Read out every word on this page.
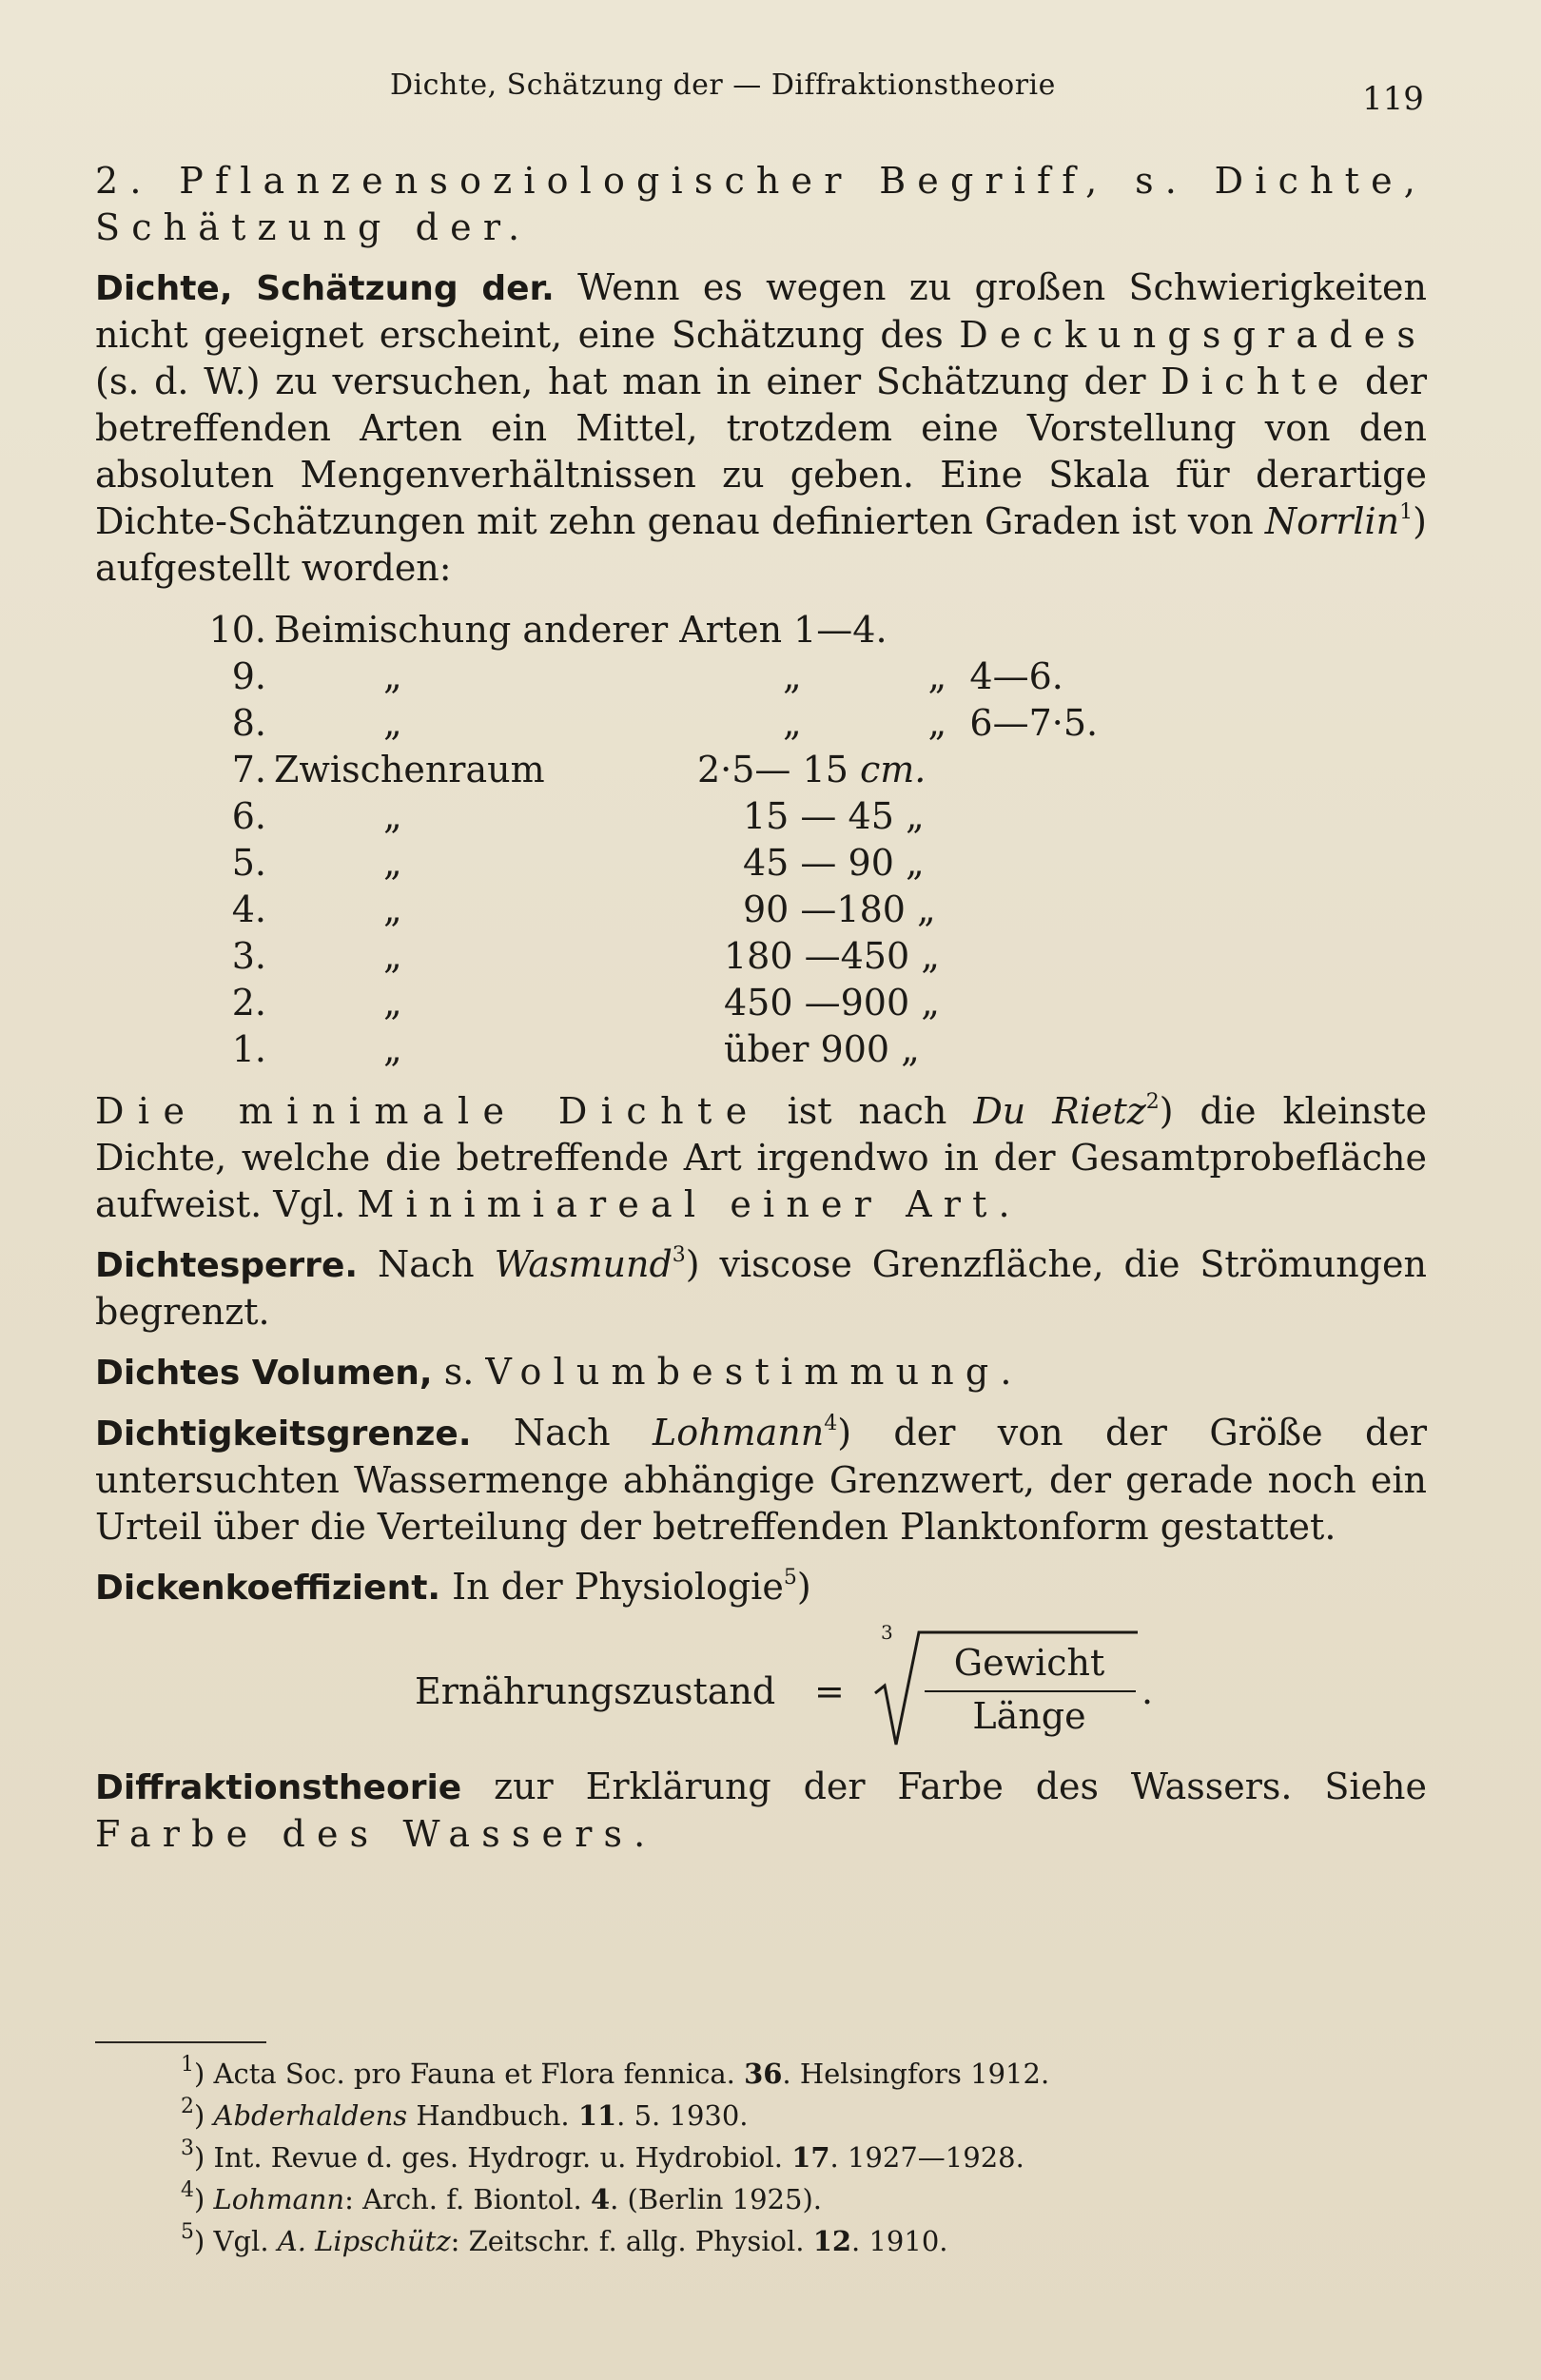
Dichte, Schätzung der — Diffraktionstheorie	119

2. Pflanzensoziologischer Begriff, s. Dichte, Schätzung der.

Dichte, Schätzung der. Wenn es wegen zu großen Schwierigkeiten nicht geeignet erscheint, eine Schätzung des Deckungsgrades (s. d. W.) zu versuchen, hat man in einer Schätzung der Dichte der betreffenden Arten ein Mittel, trotzdem eine Vorstellung von den absoluten Mengenverhältnissen zu geben. Eine Skala für derartige Dichte-Schätzungen mit zehn genau definierten Graden ist von Norrlin$^1$) aufgestellt worden:

10.	Beimischung anderer Arten 1—4.	
9.	„	„           „  4—6.
8.	„	„           „  6—7·5.
7.	Zwischenraum	2·5— 15 cm.
6.	„	15 — 45 „
5.	„	45 — 90 „
4.	„	90 —180 „
3.	„	180 —450 „
2.	„	450 —900 „
1.	„	über 900 „

Die minimale Dichte ist nach Du Rietz$^2$) die kleinste Dichte, welche die betreffende Art irgendwo in der Gesamtprobefläche aufweist. Vgl. Minimiareal einer Art.

Dichtesperre. Nach Wasmund$^3$) viscose Grenzfläche, die Strömungen begrenzt.

Dichtes Volumen, s. Volumbestimmung.

Dichtigkeitsgrenze. Nach Lohmann$^4$) der von der Größe der untersuchten Wassermenge abhängige Grenzwert, der gerade noch ein Urteil über die Verteilung der betreffenden Planktonform gestattet.

Dickenkoeffizient. In der Physiologie$^5$)

Ernährungszustand =
3
Gewicht
Länge
.

Diffraktionstheorie zur Erklärung der Farbe des Wassers. Siehe Farbe des Wassers.

$^1$) Acta Soc. pro Fauna et Flora fennica. 36. Helsingfors 1912.
$^2$) Abderhaldens Handbuch. 11. 5. 1930.
$^3$) Int. Revue d. ges. Hydrogr. u. Hydrobiol. 17. 1927—1928.
$^4$) Lohmann: Arch. f. Biontol. 4. (Berlin 1925).
$^5$) Vgl. A. Lipschütz: Zeitschr. f. allg. Physiol. 12. 1910.
